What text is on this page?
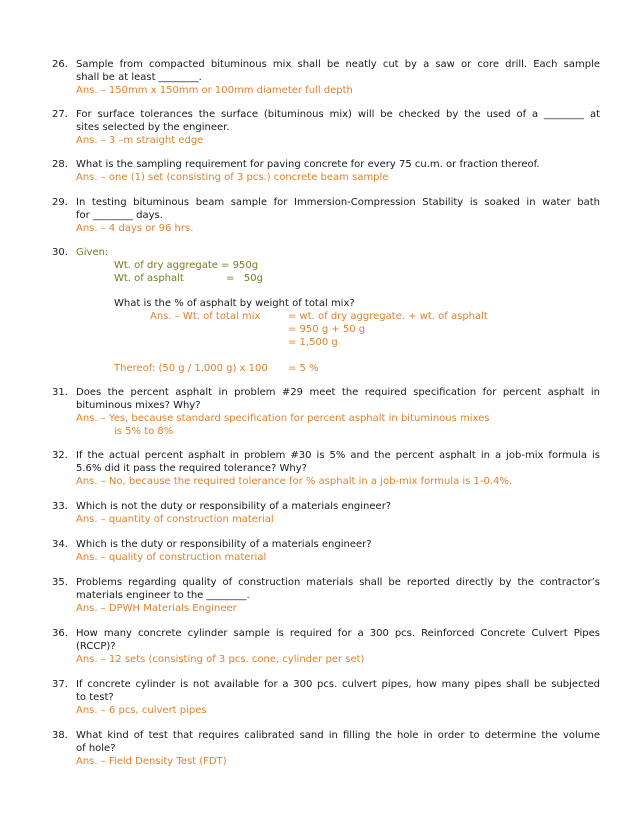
26. Sample from compacted bituminous mix shall be neatly cut by a saw or core drill. Each sample
shall be at least ________.
Ans. – 150mm x 150mm or 100mm diameter full depth
27. For surface tolerances the surface (bituminous mix) will be checked by the used of a ________ at
sites selected by the engineer.
Ans. – 3 –m straight edge
28. What is the sampling requirement for paving concrete for every 75 cu.m. or fraction thereof.
Ans. – one (1) set (consisting of 3 pcs.) concrete beam sample
29. In testing bituminous beam sample for Immersion-Compression Stability is soaked in water bath
for ________ days.
Ans. – 4 days or 96 hrs.
30. Given:
Wt. of dry aggregate = 950g
Wt. of asphalt	=   50g
What is the % of asphalt by weight of total mix?
Ans. – Wt. of total mix	= wt. of dry aggregate. + wt. of asphalt
= 950 g + 50 g
= 1,500 g
Thereof: (50 g / 1,000 g) x 100 = 5 %
31. Does the percent asphalt in problem #29 meet the required specification for percent asphalt in
bituminous mixes? Why?
Ans. – Yes, because standard specification for percent asphalt in bituminous mixes
is 5% to 8%
32. If the actual percent asphalt in problem #30 is 5% and the percent asphalt in a job-mix formula is
5.6% did it pass the required tolerance? Why?
Ans. – No, because the required tolerance for % asphalt in a job-mix formula is 1-0.4%.
33. Which is not the duty or responsibility of a materials engineer?
Ans. – quantity of construction material
34. Which is the duty or responsibility of a materials engineer?
Ans. – quality of construction material
35. Problems regarding quality of construction materials shall be reported directly by the contractor’s
materials engineer to the ________.
Ans. – DPWH Materials Engineer
36. How many concrete cylinder sample is required for a 300 pcs. Reinforced Concrete Culvert Pipes
(RCCP)?
Ans. – 12 sets (consisting of 3 pcs. cone, cylinder per set)
37. If concrete cylinder is not available for a 300 pcs. culvert pipes, how many pipes shall be subjected
to test?
Ans. – 6 pcs, culvert pipes
38. What kind of test that requires calibrated sand in filling the hole in order to determine the volume
of hole?
Ans. – Field Density Test (FDT)
